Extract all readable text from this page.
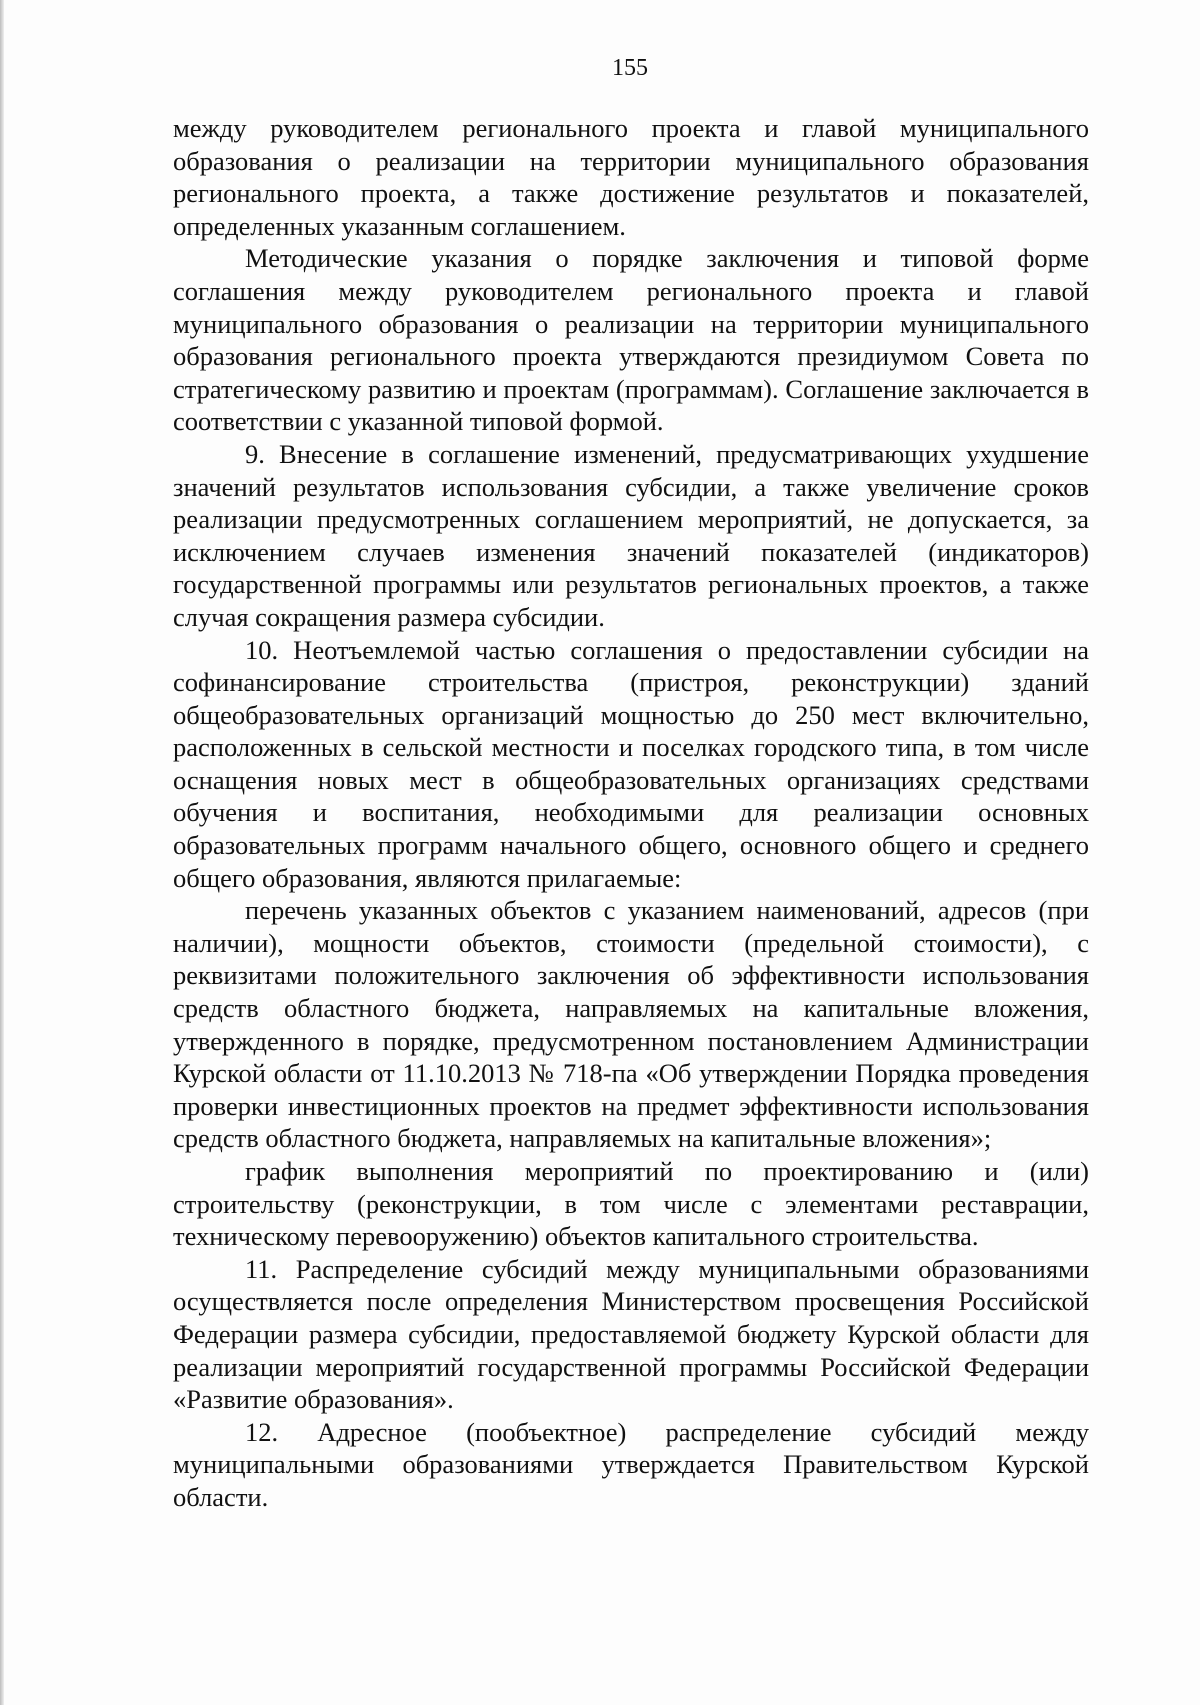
155

между руководителем регионального проекта и главой муниципального образования о реализации на территории муниципального образования регионального проекта, а также достижение результатов и показателей, определенных указанным соглашением.

Методические указания о порядке заключения и типовой форме соглашения между руководителем регионального проекта и главой муниципального образования о реализации на территории муниципального образования регионального проекта утверждаются президиумом Совета по стратегическому развитию и проектам (программам). Соглашение заключается в соответствии с указанной типовой формой.

9. Внесение в соглашение изменений, предусматривающих ухудшение значений результатов использования субсидии, а также увеличение сроков реализации предусмотренных соглашением мероприятий, не допускается, за исключением случаев изменения значений показателей (индикаторов) государственной программы или результатов региональных проектов, а также случая сокращения размера субсидии.

10. Неотъемлемой частью соглашения о предоставлении субсидии на софинансирование строительства (пристроя, реконструкции) зданий общеобразовательных организаций мощностью до 250 мест включительно, расположенных в сельской местности и поселках городского типа, в том числе оснащения новых мест в общеобразовательных организациях средствами обучения и воспитания, необходимыми для реализации основных образовательных программ начального общего, основного общего и среднего общего образования, являются прилагаемые:

перечень указанных объектов с указанием наименований, адресов (при наличии), мощности объектов, стоимости (предельной стоимости), с реквизитами положительного заключения об эффективности использования средств областного бюджета, направляемых на капитальные вложения, утвержденного в порядке, предусмотренном постановлением Администрации Курской области от 11.10.2013 № 718-па «Об утверждении Порядка проведения проверки инвестиционных проектов на предмет эффективности использования средств областного бюджета, направляемых на капитальные вложения»;

график выполнения мероприятий по проектированию и (или) строительству (реконструкции, в том числе с элементами реставрации, техническому перевооружению) объектов капитального строительства.

11. Распределение субсидий между муниципальными образованиями осуществляется после определения Министерством просвещения Российской Федерации размера субсидии, предоставляемой бюджету Курской области для реализации мероприятий государственной программы Российской Федерации «Развитие образования».

12. Адресное (пообъектное) распределение субсидий между муниципальными образованиями утверждается Правительством Курской области.
